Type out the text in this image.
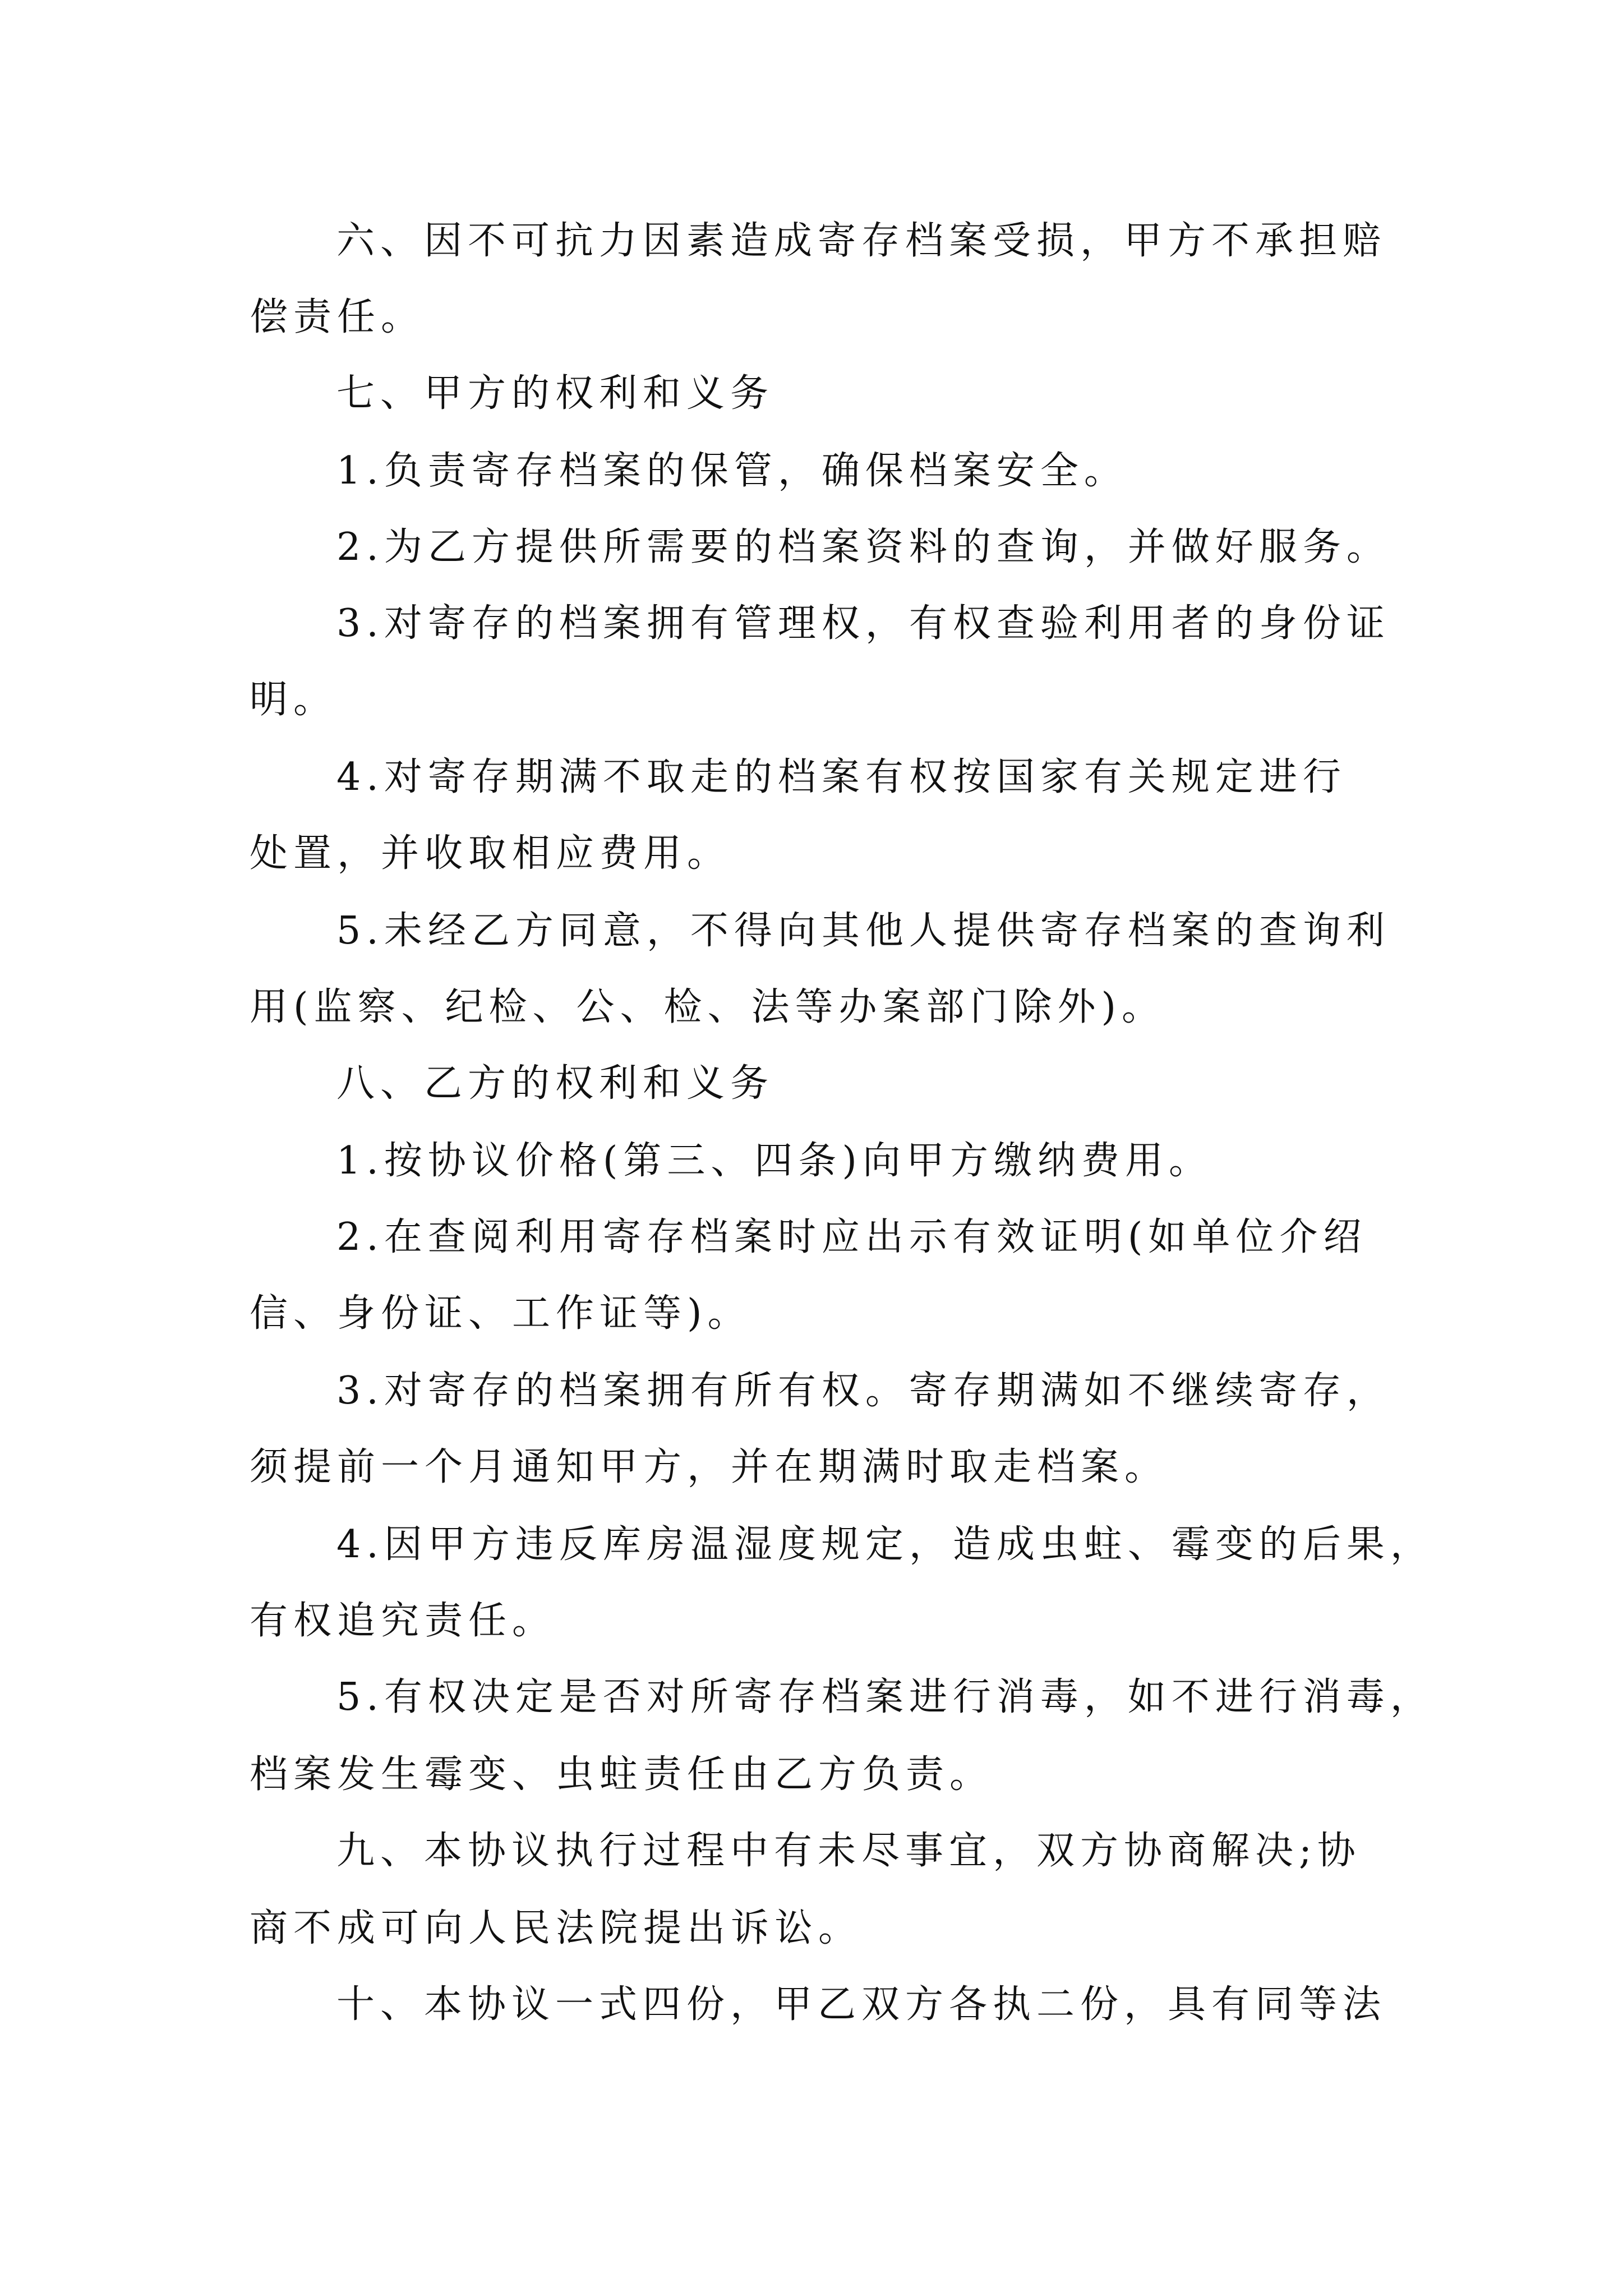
六、因不可抗力因素造成寄存档案受损，甲方不承担赔

偿责任。

七、甲方的权利和义务

1.负责寄存档案的保管，确保档案安全。

2.为乙方提供所需要的档案资料的查询，并做好服务。

3.对寄存的档案拥有管理权，有权查验利用者的身份证

明。

4.对寄存期满不取走的档案有权按国家有关规定进行

处置，并收取相应费用。

5.未经乙方同意，不得向其他人提供寄存档案的查询利

用(监察、纪检、公、检、法等办案部门除外)。

八、乙方的权利和义务

1.按协议价格(第三、四条)向甲方缴纳费用。

2.在查阅利用寄存档案时应出示有效证明(如单位介绍

信、身份证、工作证等)。

3.对寄存的档案拥有所有权。寄存期满如不继续寄存，

须提前一个月通知甲方，并在期满时取走档案。

4.因甲方违反库房温湿度规定，造成虫蛀、霉变的后果，

有权追究责任。

5.有权决定是否对所寄存档案进行消毒，如不进行消毒，

档案发生霉变、虫蛀责任由乙方负责。

九、本协议执行过程中有未尽事宜，双方协商解决;协

商不成可向人民法院提出诉讼。

十、本协议一式四份，甲乙双方各执二份，具有同等法
